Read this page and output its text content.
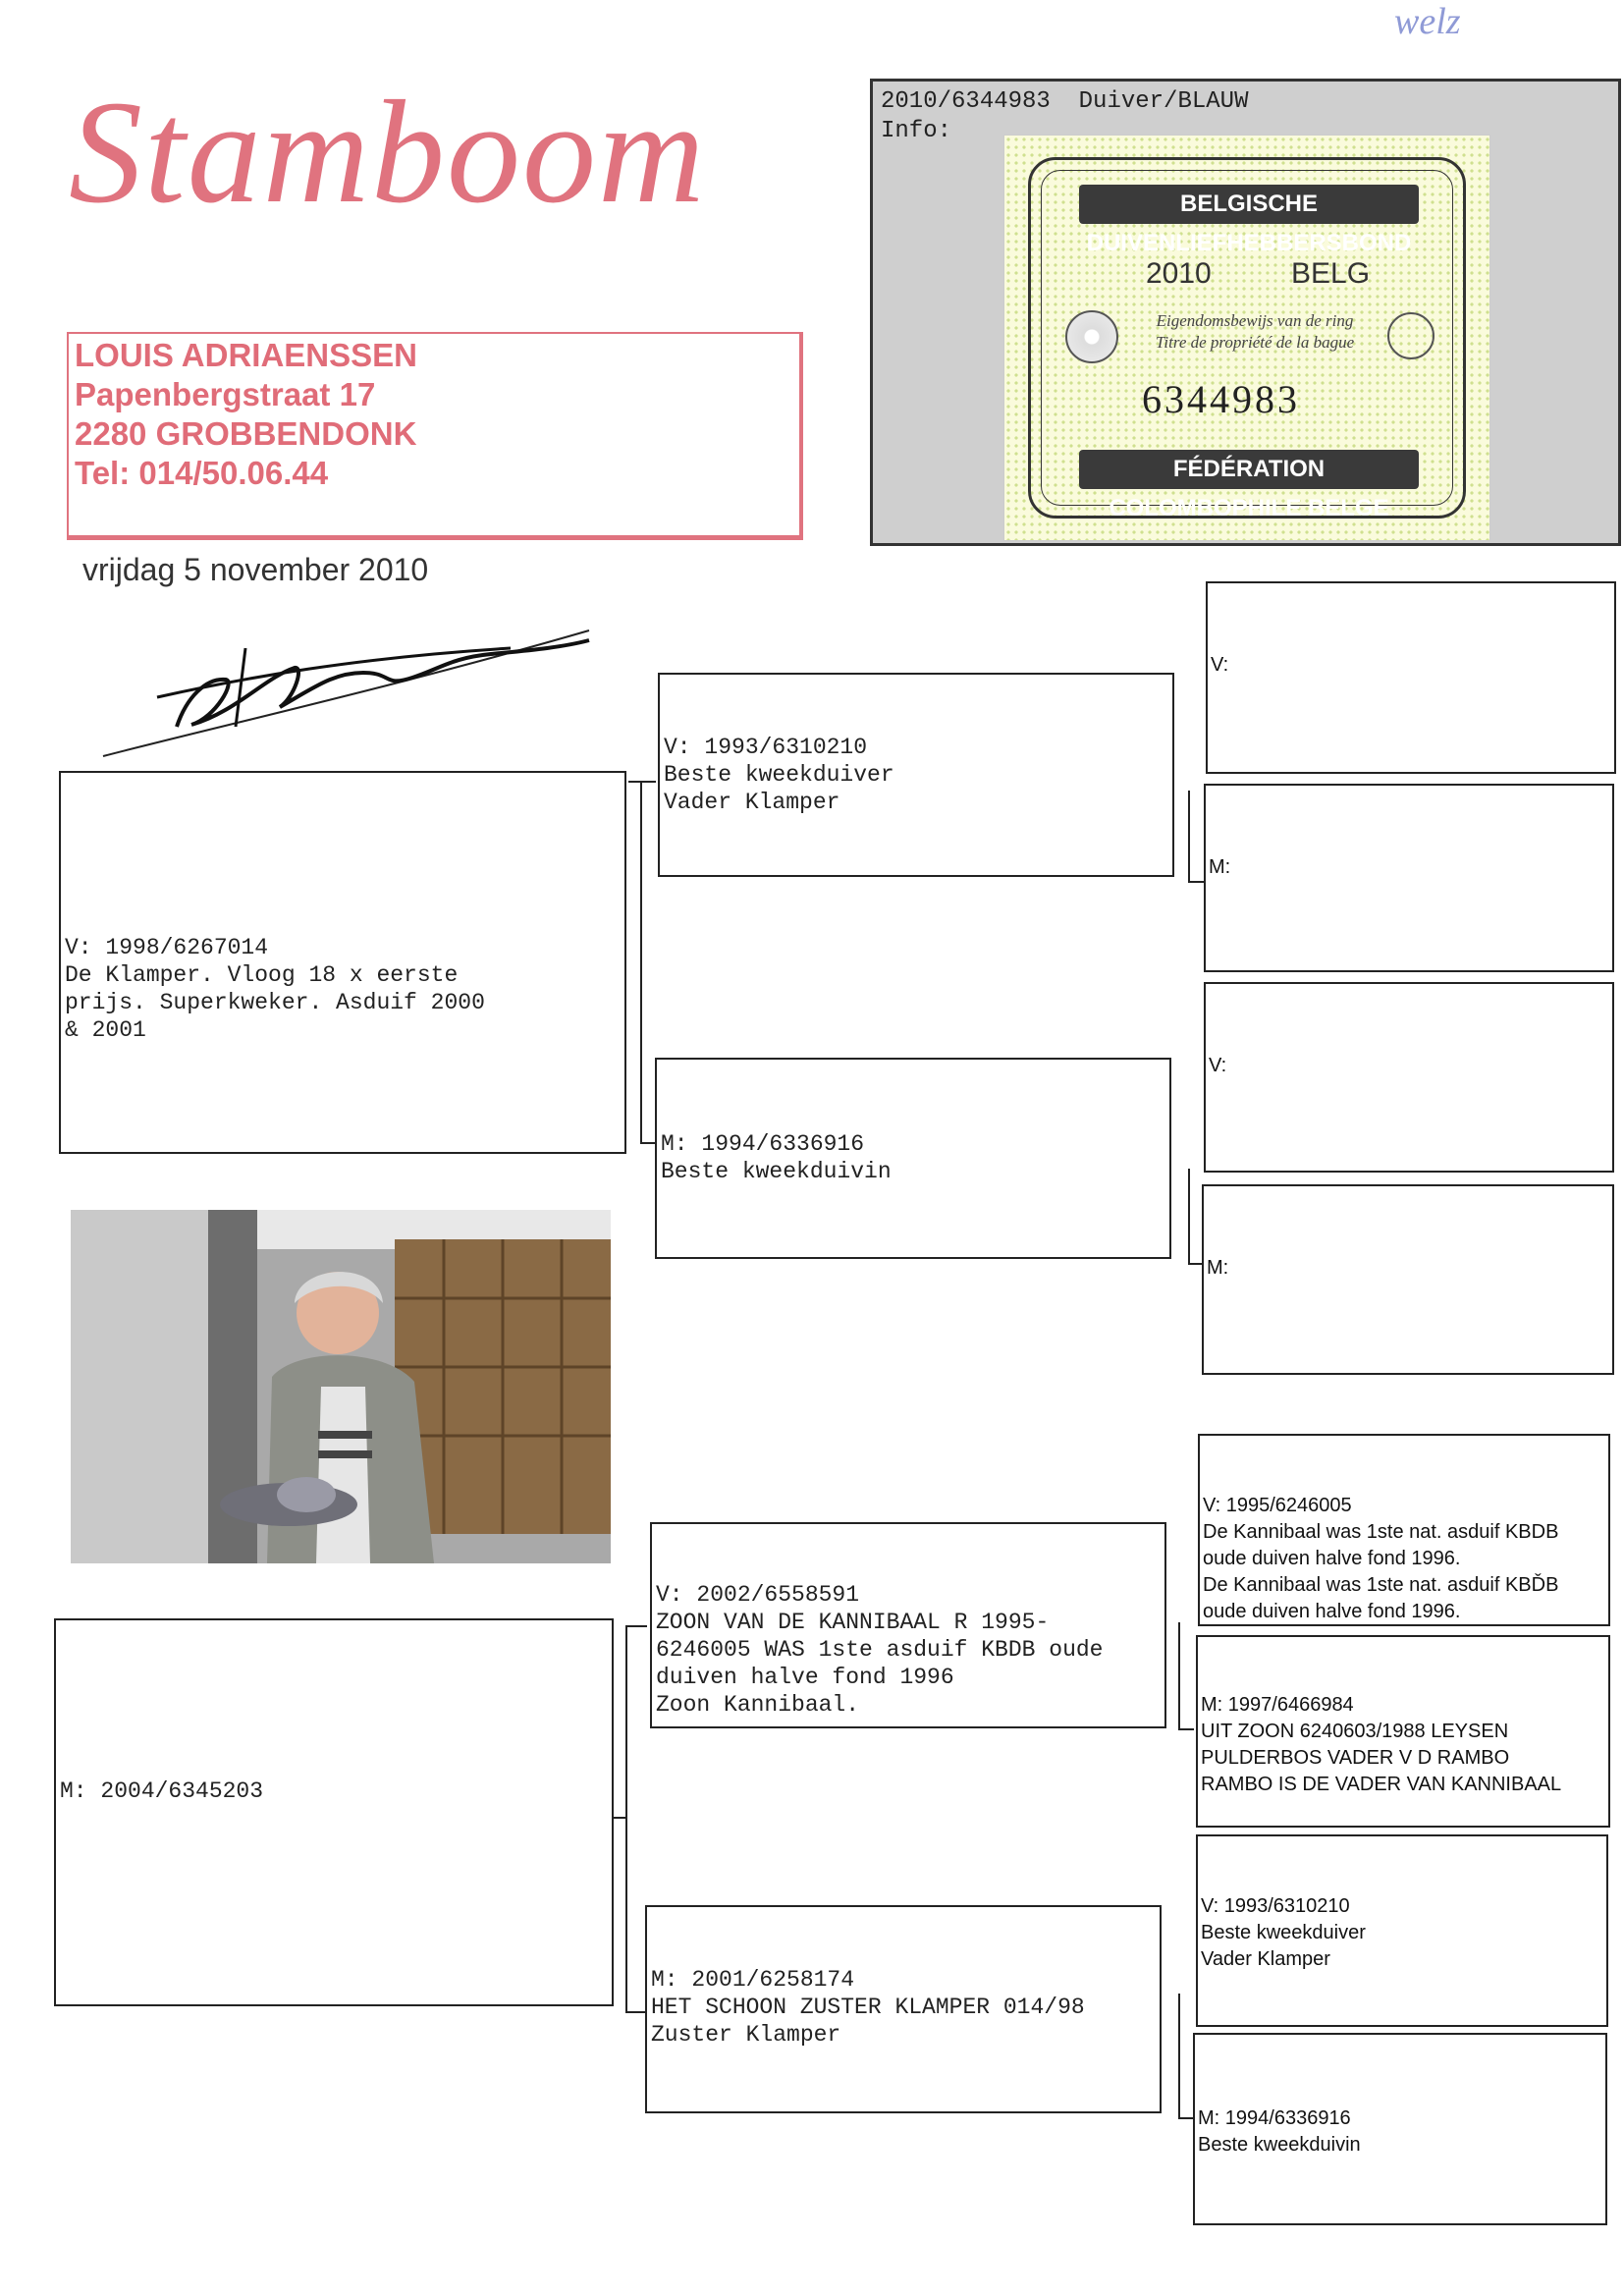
Stamboom
welz
LOUIS ADRIAENSSEN
Papenbergstraat 17
2280 GROBBENDONK
Tel: 014/50.06.44
vrijdag 5 november 2010
2010/6344983 Duiver/BLAUW
Info:
BELGISCHE DUIVENLIEFHEBBERSBOND
2010	BELG
Eigendomsbewijs van de ring
Titre de propriété de la bague
6344983
FÉDÉRATION COLOMBOPHILE BELGE
V: 1998/6267014
De Klamper. Vloog 18 x eerste
prijs. Superkweker. Asduif 2000
& 2001
M: 2004/6345203
V: 1993/6310210
Beste kweekduiver
Vader Klamper
M: 1994/6336916
Beste kweekduivin
V: 2002/6558591
ZOON VAN DE KANNIBAAL R 1995-
6246005 WAS 1ste asduif KBDB oude
duiven halve fond 1996
Zoon Kannibaal.
M: 2001/6258174
HET SCHOON ZUSTER KLAMPER 014/98
Zuster Klamper
V:
M:
V:
M:
V: 1995/6246005
De Kannibaal was 1ste nat. asduif KBDB
oude duiven halve fond 1996.
De Kannibaal was 1ste nat. asduif KBĎB
oude duiven halve fond 1996.
M: 1997/6466984
UIT ZOON 6240603/1988 LEYSEN
PULDERBOS VADER V D RAMBO
RAMBO IS DE VADER VAN KANNIBAAL
V: 1993/6310210
Beste kweekduiver
Vader Klamper
M: 1994/6336916
Beste kweekduivin
